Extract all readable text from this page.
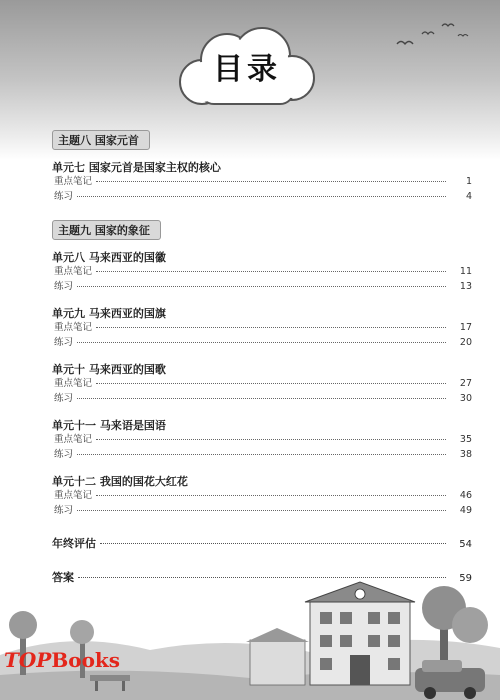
目录
主题八 国家元首
单元七 国家元首是国家主权的核心
重点笔记	1
练习	4
主题九 国家的象征
单元八 马来西亚的国徽
重点笔记	11
练习	13
单元九 马来西亚的国旗
重点笔记	17
练习	20
单元十 马来西亚的国歌
重点笔记	27
练习	30
单元十一 马来语是国语
重点笔记	35
练习	38
单元十二 我国的国花大红花
重点笔记	46
练习	49
年终评估	54
答案	59
TOPBooks
